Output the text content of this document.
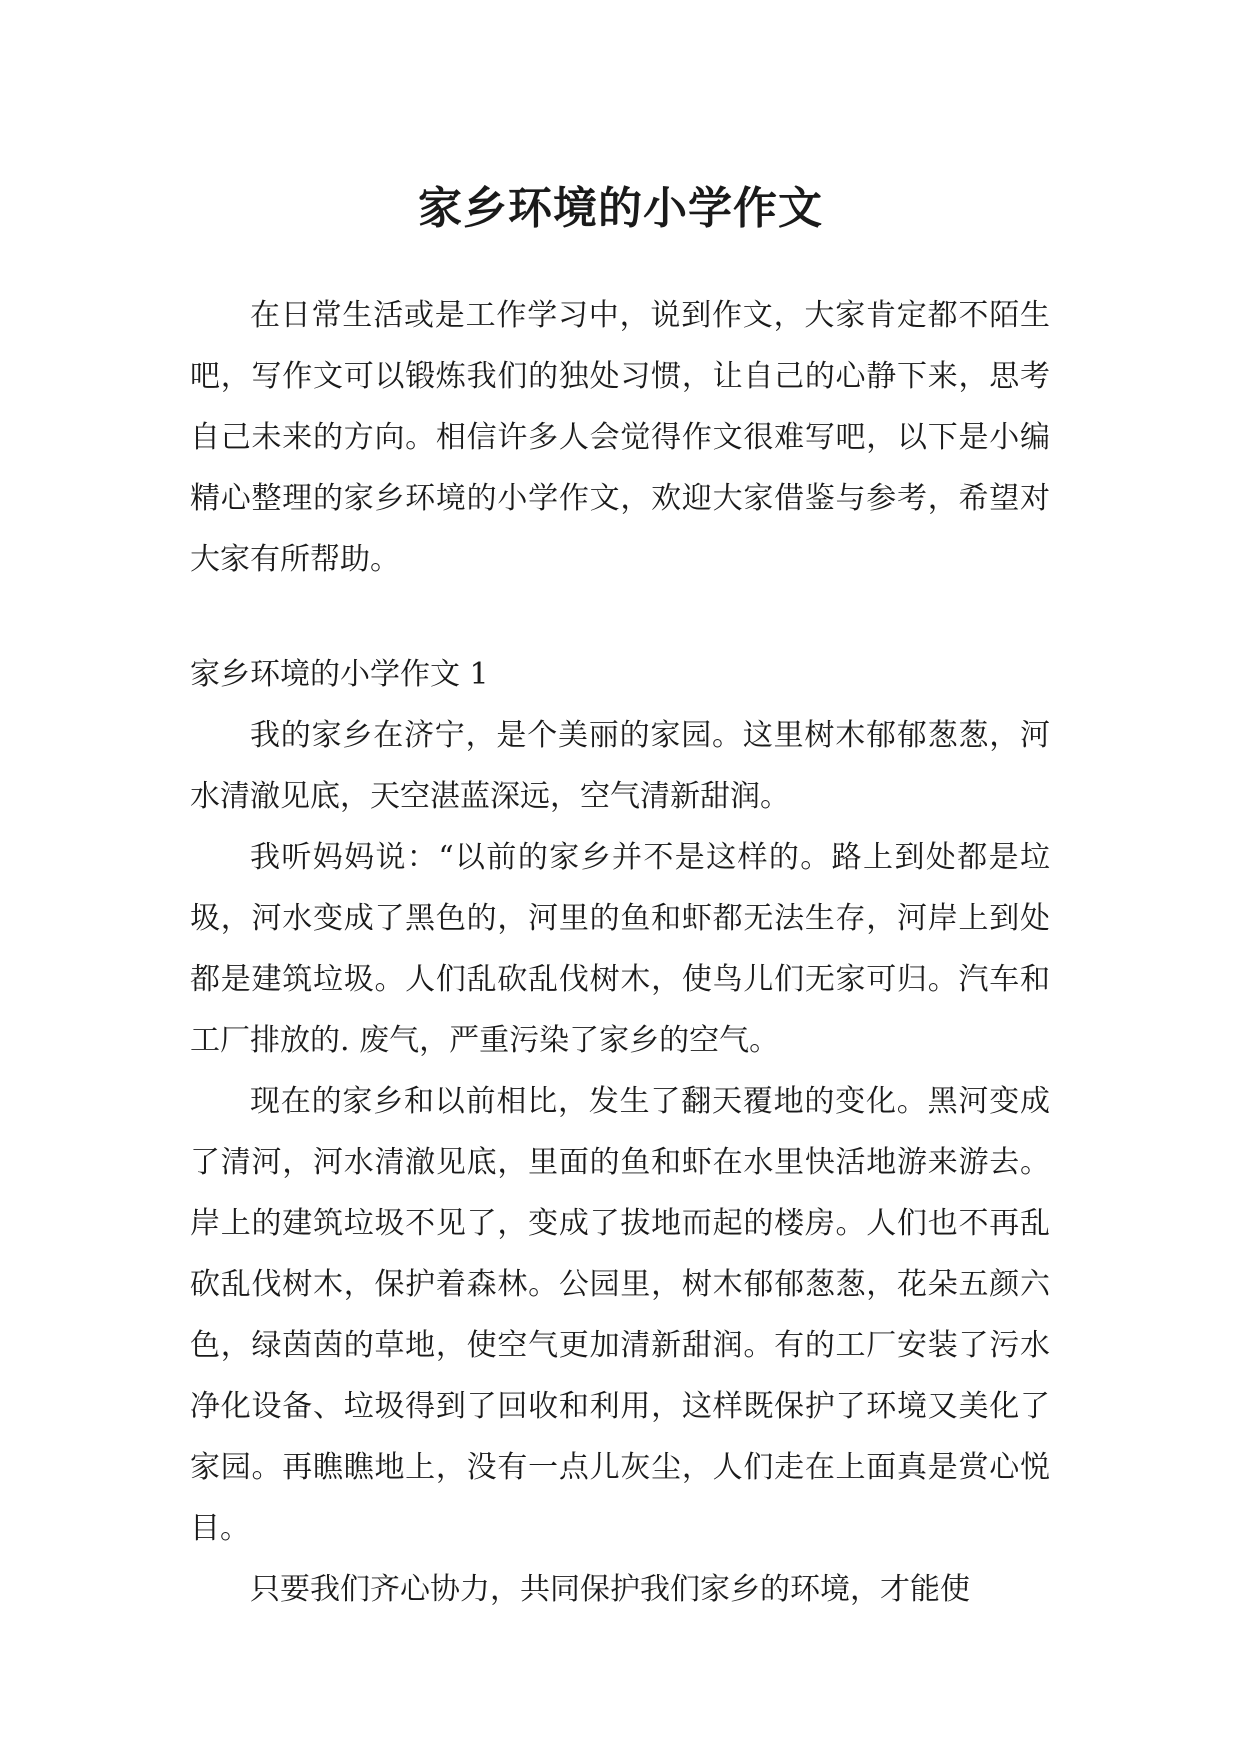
家乡环境的小学作文

在日常生活或是工作学习中，说到作文，大家肯定都不陌生吧，写作文可以锻炼我们的独处习惯，让自己的心静下来，思考自己未来的方向。相信许多人会觉得作文很难写吧，以下是小编精心整理的家乡环境的小学作文，欢迎大家借鉴与参考，希望对大家有所帮助。

家乡环境的小学作文 1

我的家乡在济宁，是个美丽的家园。这里树木郁郁葱葱，河水清澈见底，天空湛蓝深远，空气清新甜润。

我听妈妈说：“以前的家乡并不是这样的。路上到处都是垃圾，河水变成了黑色的，河里的鱼和虾都无法生存，河岸上到处都是建筑垃圾。人们乱砍乱伐树木，使鸟儿们无家可归。汽车和工厂排放的. 废气，严重污染了家乡的空气。

现在的家乡和以前相比，发生了翻天覆地的变化。黑河变成了清河，河水清澈见底，里面的鱼和虾在水里快活地游来游去。岸上的建筑垃圾不见了，变成了拔地而起的楼房。人们也不再乱砍乱伐树木，保护着森林。公园里，树木郁郁葱葱，花朵五颜六色，绿茵茵的草地，使空气更加清新甜润。有的工厂安装了污水净化设备、垃圾得到了回收和利用，这样既保护了环境又美化了家园。再瞧瞧地上，没有一点儿灰尘，人们走在上面真是赏心悦目。

只要我们齐心协力，共同保护我们家乡的环境，才能使
